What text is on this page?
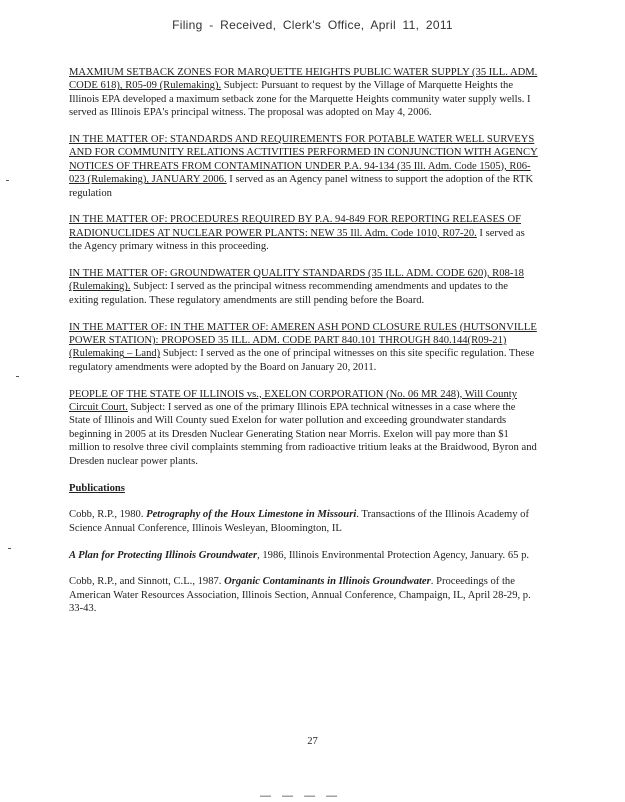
Filing - Received, Clerk's Office, April 11, 2011
MAXMIUM SETBACK ZONES FOR MARQUETTE HEIGHTS PUBLIC WATER SUPPLY (35 ILL. ADM. CODE 618), R05-09 (Rulemaking). Subject: Pursuant to request by the Village of Marquette Heights the Illinois EPA developed a maximum setback zone for the Marquette Heights community water supply wells. I served as Illinois EPA's principal witness. The proposal was adopted on May 4, 2006.
IN THE MATTER OF: STANDARDS AND REQUIREMENTS FOR POTABLE WATER WELL SURVEYS AND FOR COMMUNITY RELATIONS ACTIVITIES PERFORMED IN CONJUNCTION WITH AGENCY NOTICES OF THREATS FROM CONTAMINATION UNDER P.A. 94-134 (35 Ill. Adm. Code 1505), R06-023 (Rulemaking), JANUARY 2006. I served as an Agency panel witness to support the adoption of the RTK regulation
IN THE MATTER OF: PROCEDURES REQUIRED BY P.A. 94-849 FOR REPORTING RELEASES OF RADIONUCLIDES AT NUCLEAR POWER PLANTS: NEW 35 Ill. Adm. Code 1010, R07-20. I served as the Agency primary witness in this proceeding.
IN THE MATTER OF: GROUNDWATER QUALITY STANDARDS (35 ILL. ADM. CODE 620), R08-18 (Rulemaking). Subject: I served as the principal witness recommending amendments and updates to the exiting regulation. These regulatory amendments are still pending before the Board.
IN THE MATTER OF: IN THE MATTER OF: AMEREN ASH POND CLOSURE RULES (HUTSONVILLE POWER STATION): PROPOSED 35 ILL. ADM. CODE PART 840.101 THROUGH 840.144(R09-21) (Rulemaking – Land) Subject: I served as the one of principal witnesses on this site specific regulation. These regulatory amendments were adopted by the Board on January 20, 2011.
PEOPLE OF THE STATE OF ILLINOIS vs., EXELON CORPORATION (No. 06 MR 248), Will County Circuit Court. Subject: I served as one of the primary Illinois EPA technical witnesses in a case where the State of Illinois and Will County sued Exelon for water pollution and exceeding groundwater standards beginning in 2005 at its Dresden Nuclear Generating Station near Morris. Exelon will pay more than $1 million to resolve three civil complaints stemming from radioactive tritium leaks at the Braidwood, Byron and Dresden nuclear power plants.
Publications
Cobb, R.P., 1980. Petrography of the Houx Limestone in Missouri. Transactions of the Illinois Academy of Science Annual Conference, Illinois Wesleyan, Bloomington, IL
A Plan for Protecting Illinois Groundwater, 1986, Illinois Environmental Protection Agency, January. 65 p.
Cobb, R.P., and Sinnott, C.L., 1987. Organic Contaminants in Illinois Groundwater. Proceedings of the American Water Resources Association, Illinois Section, Annual Conference, Champaign, IL, April 28-29, p. 33-43.
27
— — — —
